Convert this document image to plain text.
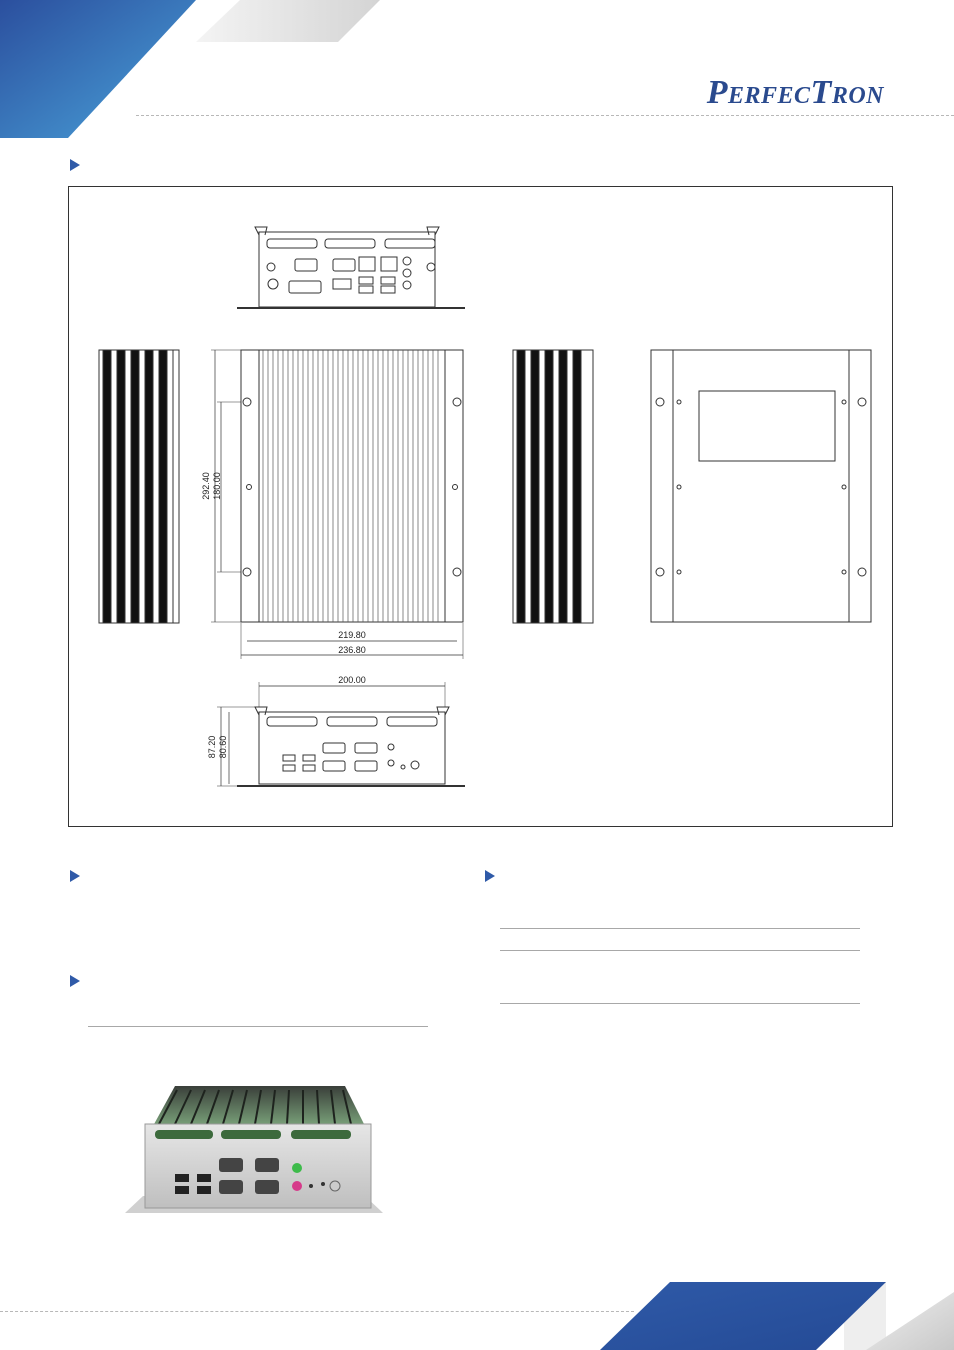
PERFECTRON
292.40 180.00
219.80
236.80
200.00
87.20 80.60
